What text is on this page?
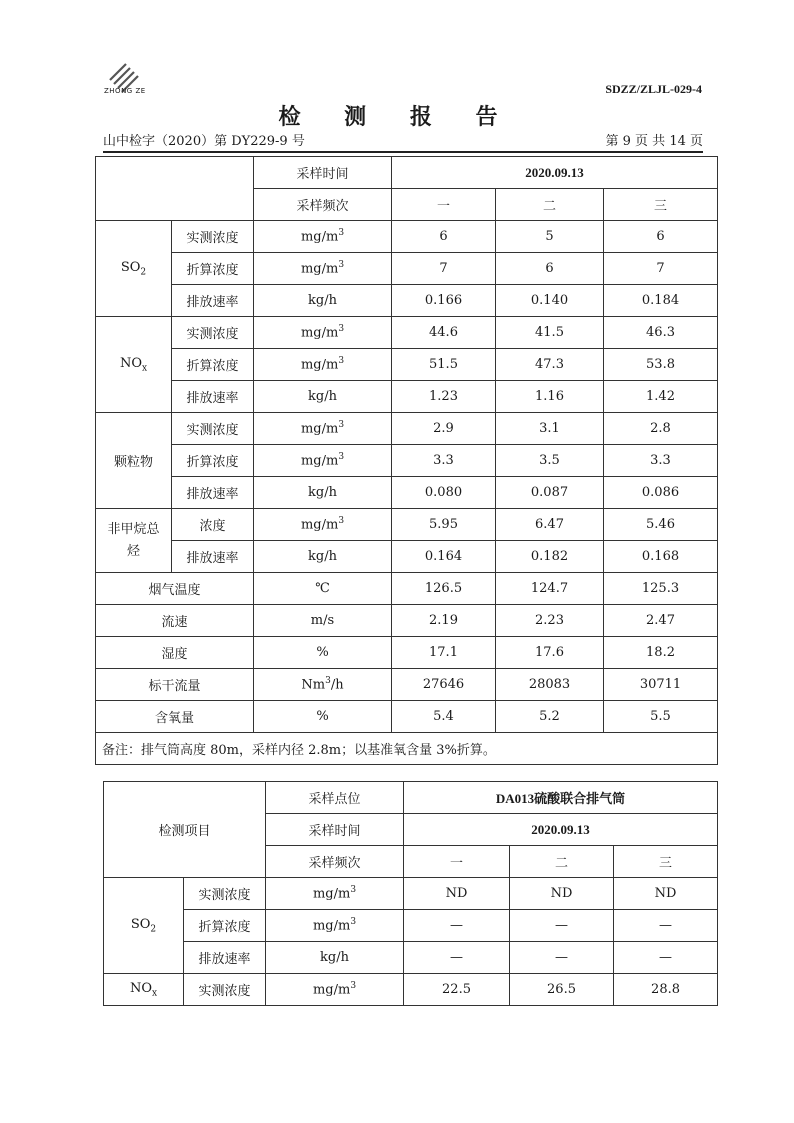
ZHONG ZE	SDZZ/ZLJL-029-4
检 测 报 告
山中检字（2020）第 DY229-9 号	第 9 页 共 14 页
		采样时间	2020.09.13		
		采样频次	一	二	三
$SO_2$	实测浓度	$mg/m^3$	6	5	6
	折算浓度	$mg/m^3$	7	6	7
	排放速率	kg/h	0.166	0.140	0.184
$NO_x$	实测浓度	$mg/m^3$	44.6	41.5	46.3
	折算浓度	$mg/m^3$	51.5	47.3	53.8
	排放速率	kg/h	1.23	1.16	1.42
颗粒物	实测浓度	$mg/m^3$	2.9	3.1	2.8
	折算浓度	$mg/m^3$	3.3	3.5	3.3
	排放速率	kg/h	0.080	0.087	0.086
非甲烷总烃	浓度	$mg/m^3$	5.95	6.47	5.46
	排放速率	kg/h	0.164	0.182	0.168
烟气温度		℃	126.5	124.7	125.3
流速		m/s	2.19	2.23	2.47
湿度		%	17.1	17.6	18.2
标干流量		Nm$^3$/h	27646	28083	30711
含氧量		%	5.4	5.2	5.5
备注：排气筒高度 80m，采样内径 2.8m；以基准氧含量 3%折算。					
检测项目		采样点位	DA013硫酸联合排气筒		
		采样时间	2020.09.13		
		采样频次	一	二	三
$SO_2$	实测浓度	$mg/m^3$	ND	ND	ND
	折算浓度	$mg/m^3$	—	—	—
	排放速率	kg/h	—	—	—
$NO_x$	实测浓度	$mg/m^3$	22.5	26.5	28.8
